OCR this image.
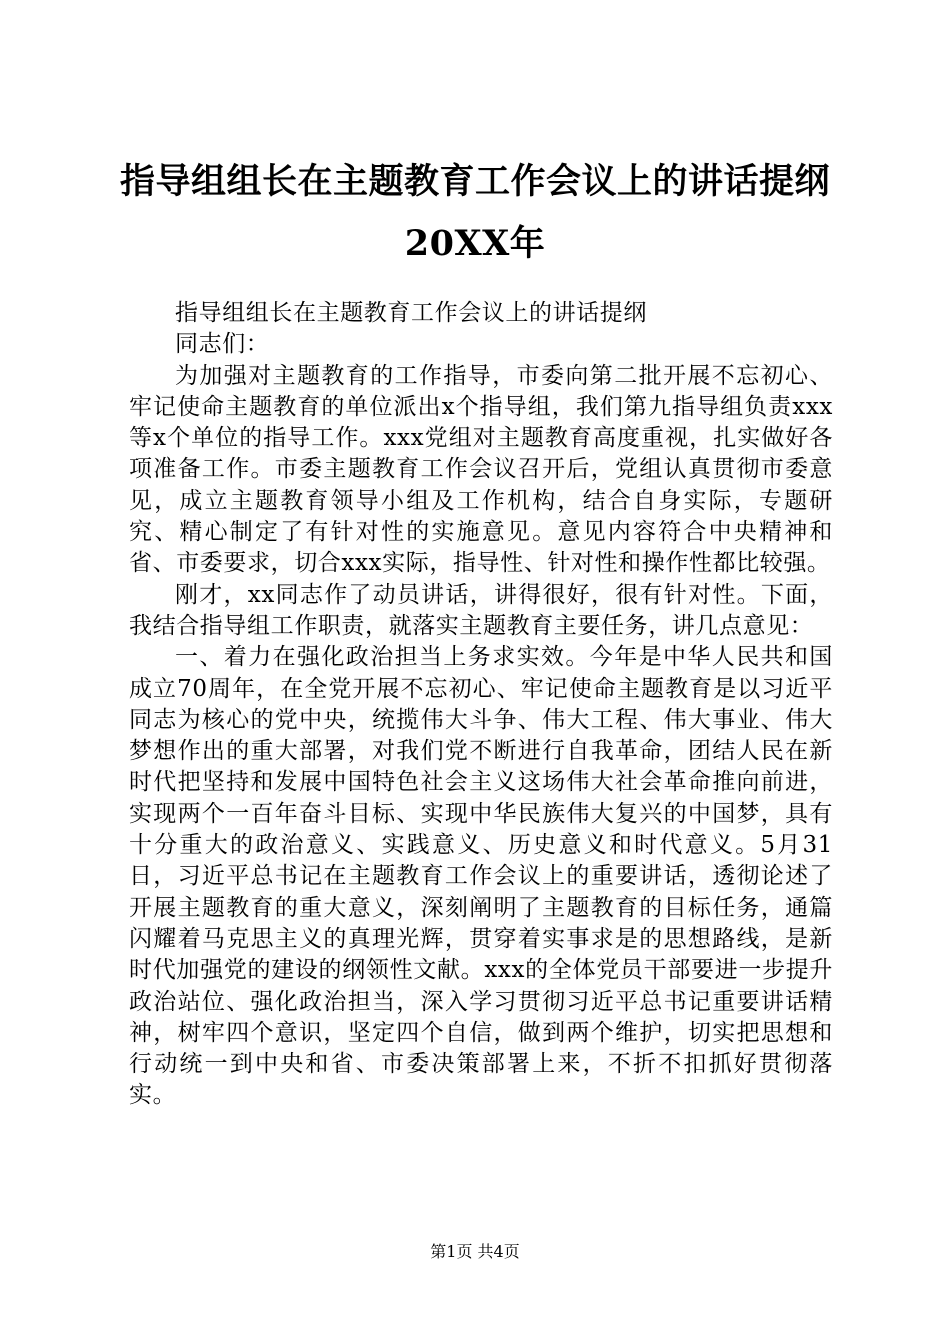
指导组组长在主题教育工作会议上的讲话提纲
20XX年

指导组组长在主题教育工作会议上的讲话提纲

同志们：

为加强对主题教育的工作指导，市委向第二批开展不忘初心、牢记使命主题教育的单位派出x个指导组，我们第九指导组负责xxx等x个单位的指导工作。xxx党组对主题教育高度重视，扎实做好各项准备工作。市委主题教育工作会议召开后，党组认真贯彻市委意见，成立主题教育领导小组及工作机构，结合自身实际，专题研究、精心制定了有针对性的实施意见。意见内容符合中央精神和省、市委要求，切合xxx实际，指导性、针对性和操作性都比较强。

刚才，xx同志作了动员讲话，讲得很好，很有针对性。下面，我结合指导组工作职责，就落实主题教育主要任务，讲几点意见：

一、着力在强化政治担当上务求实效。今年是中华人民共和国成立70周年，在全党开展不忘初心、牢记使命主题教育是以习近平同志为核心的党中央，统揽伟大斗争、伟大工程、伟大事业、伟大梦想作出的重大部署，对我们党不断进行自我革命，团结人民在新时代把坚持和发展中国特色社会主义这场伟大社会革命推向前进，实现两个一百年奋斗目标、实现中华民族伟大复兴的中国梦，具有十分重大的政治意义、实践意义、历史意义和时代意义。5月31日，习近平总书记在主题教育工作会议上的重要讲话，透彻论述了开展主题教育的重大意义，深刻阐明了主题教育的目标任务，通篇闪耀着马克思主义的真理光辉，贯穿着实事求是的思想路线，是新时代加强党的建设的纲领性文献。xxx的全体党员干部要进一步提升政治站位、强化政治担当，深入学习贯彻习近平总书记重要讲话精神，树牢四个意识，坚定四个自信，做到两个维护，切实把思想和行动统一到中央和省、市委决策部署上来，不折不扣抓好贯彻落实。

第1页 共4页
